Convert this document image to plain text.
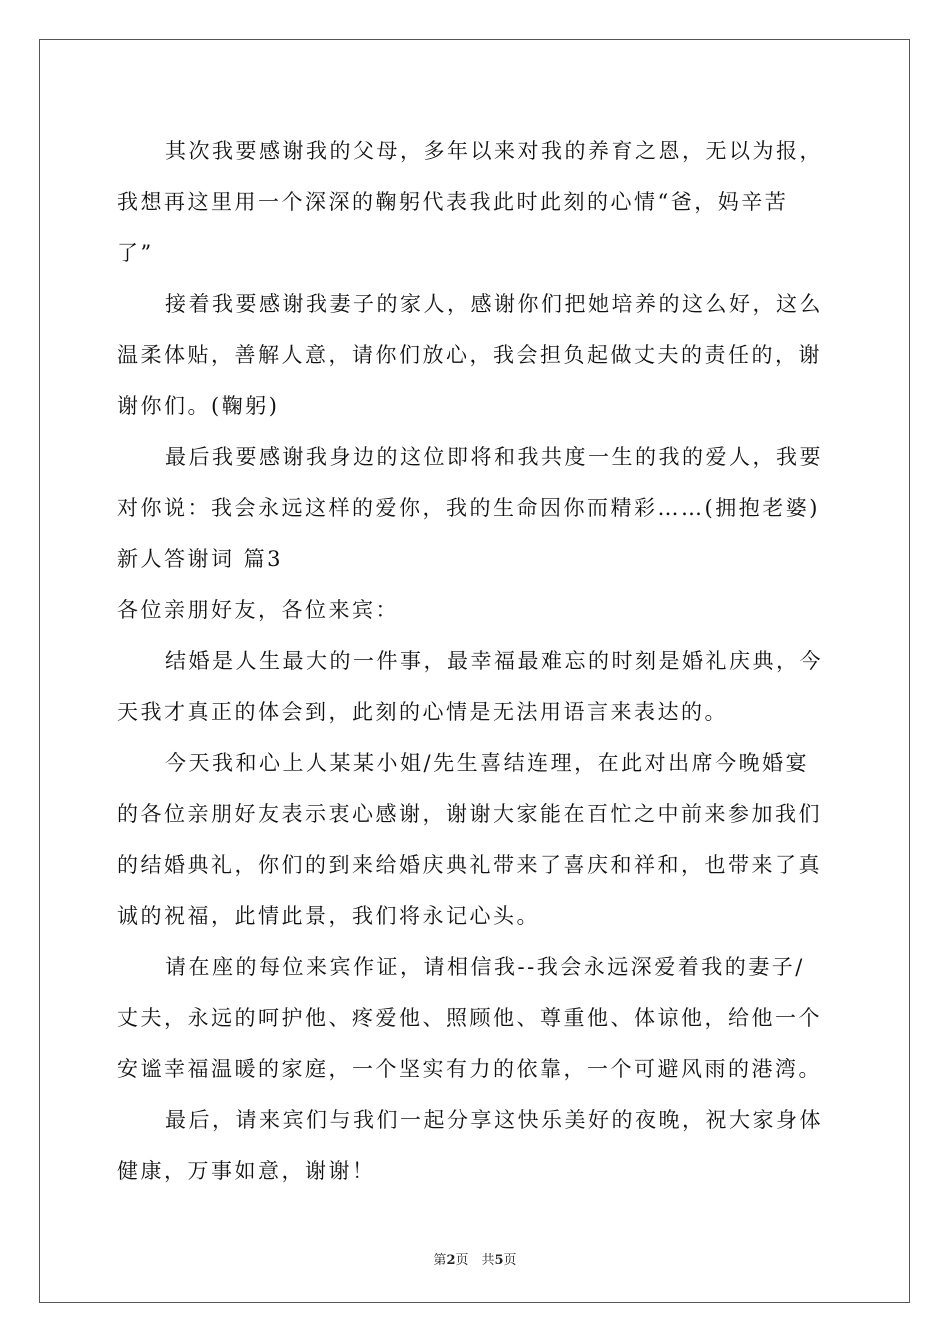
其次我要感谢我的父母，多年以来对我的养育之恩，无以为报，
我想再这里用一个深深的鞠躬代表我此时此刻的心情“爸，妈辛苦
了”
接着我要感谢我妻子的家人，感谢你们把她培养的这么好，这么
温柔体贴，善解人意，请你们放心，我会担负起做丈夫的责任的，谢
谢你们。(鞠躬)
最后我要感谢我身边的这位即将和我共度一生的我的爱人，我要
对你说：我会永远这样的爱你，我的生命因你而精彩……(拥抱老婆)
新人答谢词 篇3
各位亲朋好友，各位来宾：
结婚是人生最大的一件事，最幸福最难忘的时刻是婚礼庆典，今
天我才真正的体会到，此刻的心情是无法用语言来表达的。
今天我和心上人某某小姐/先生喜结连理，在此对出席今晚婚宴
的各位亲朋好友表示衷心感谢，谢谢大家能在百忙之中前来参加我们
的结婚典礼，你们的到来给婚庆典礼带来了喜庆和祥和，也带来了真
诚的祝福，此情此景，我们将永记心头。
请在座的每位来宾作证，请相信我--我会永远深爱着我的妻子/
丈夫，永远的呵护他、疼爱他、照顾他、尊重他、体谅他，给他一个
安谧幸福温暖的家庭，一个坚实有力的依靠，一个可避风雨的港湾。
最后，请来宾们与我们一起分享这快乐美好的夜晚，祝大家身体
健康，万事如意，谢谢！
第2页　共5页
